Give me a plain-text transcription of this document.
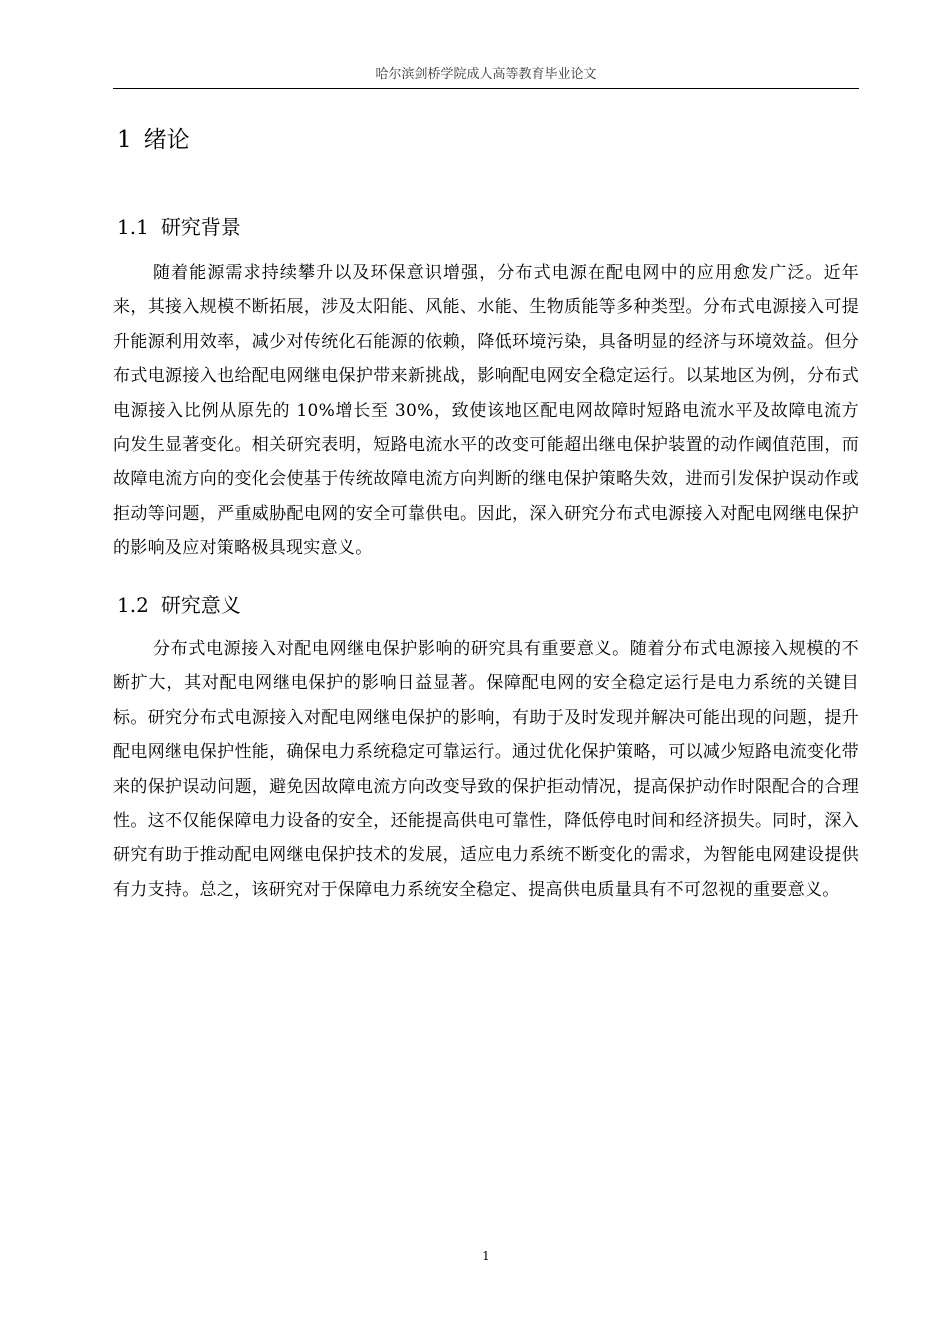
哈尔滨剑桥学院成人高等教育毕业论文
1 绪论
1.1 研究背景

随着能源需求持续攀升以及环保意识增强，分布式电源在配电网中的应用愈发广泛。近年来，其接入规模不断拓展，涉及太阳能、风能、水能、生物质能等多种类型。分布式电源接入可提升能源利用效率，减少对传统化石能源的依赖，降低环境污染，具备明显的经济与环境效益。但分布式电源接入也给配电网继电保护带来新挑战，影响配电网安全稳定运行。以某地区为例，分布式电源接入比例从原先的 10%增长至 30%，致使该地区配电网故障时短路电流水平及故障电流方向发生显著变化。相关研究表明，短路电流水平的改变可能超出继电保护装置的动作阈值范围，而故障电流方向的变化会使基于传统故障电流方向判断的继电保护策略失效，进而引发保护误动作或拒动等问题，严重威胁配电网的安全可靠供电。因此，深入研究分布式电源接入对配电网继电保护的影响及应对策略极具现实意义。

1.2 研究意义

分布式电源接入对配电网继电保护影响的研究具有重要意义。随着分布式电源接入规模的不断扩大，其对配电网继电保护的影响日益显著。保障配电网的安全稳定运行是电力系统的关键目标。研究分布式电源接入对配电网继电保护的影响，有助于及时发现并解决可能出现的问题，提升配电网继电保护性能，确保电力系统稳定可靠运行。通过优化保护策略，可以减少短路电流变化带来的保护误动问题，避免因故障电流方向改变导致的保护拒动情况，提高保护动作时限配合的合理性。这不仅能保障电力设备的安全，还能提高供电可靠性，降低停电时间和经济损失。同时，深入研究有助于推动配电网继电保护技术的发展，适应电力系统不断变化的需求，为智能电网建设提供有力支持。总之，该研究对于保障电力系统安全稳定、提高供电质量具有不可忽视的重要意义。

1
